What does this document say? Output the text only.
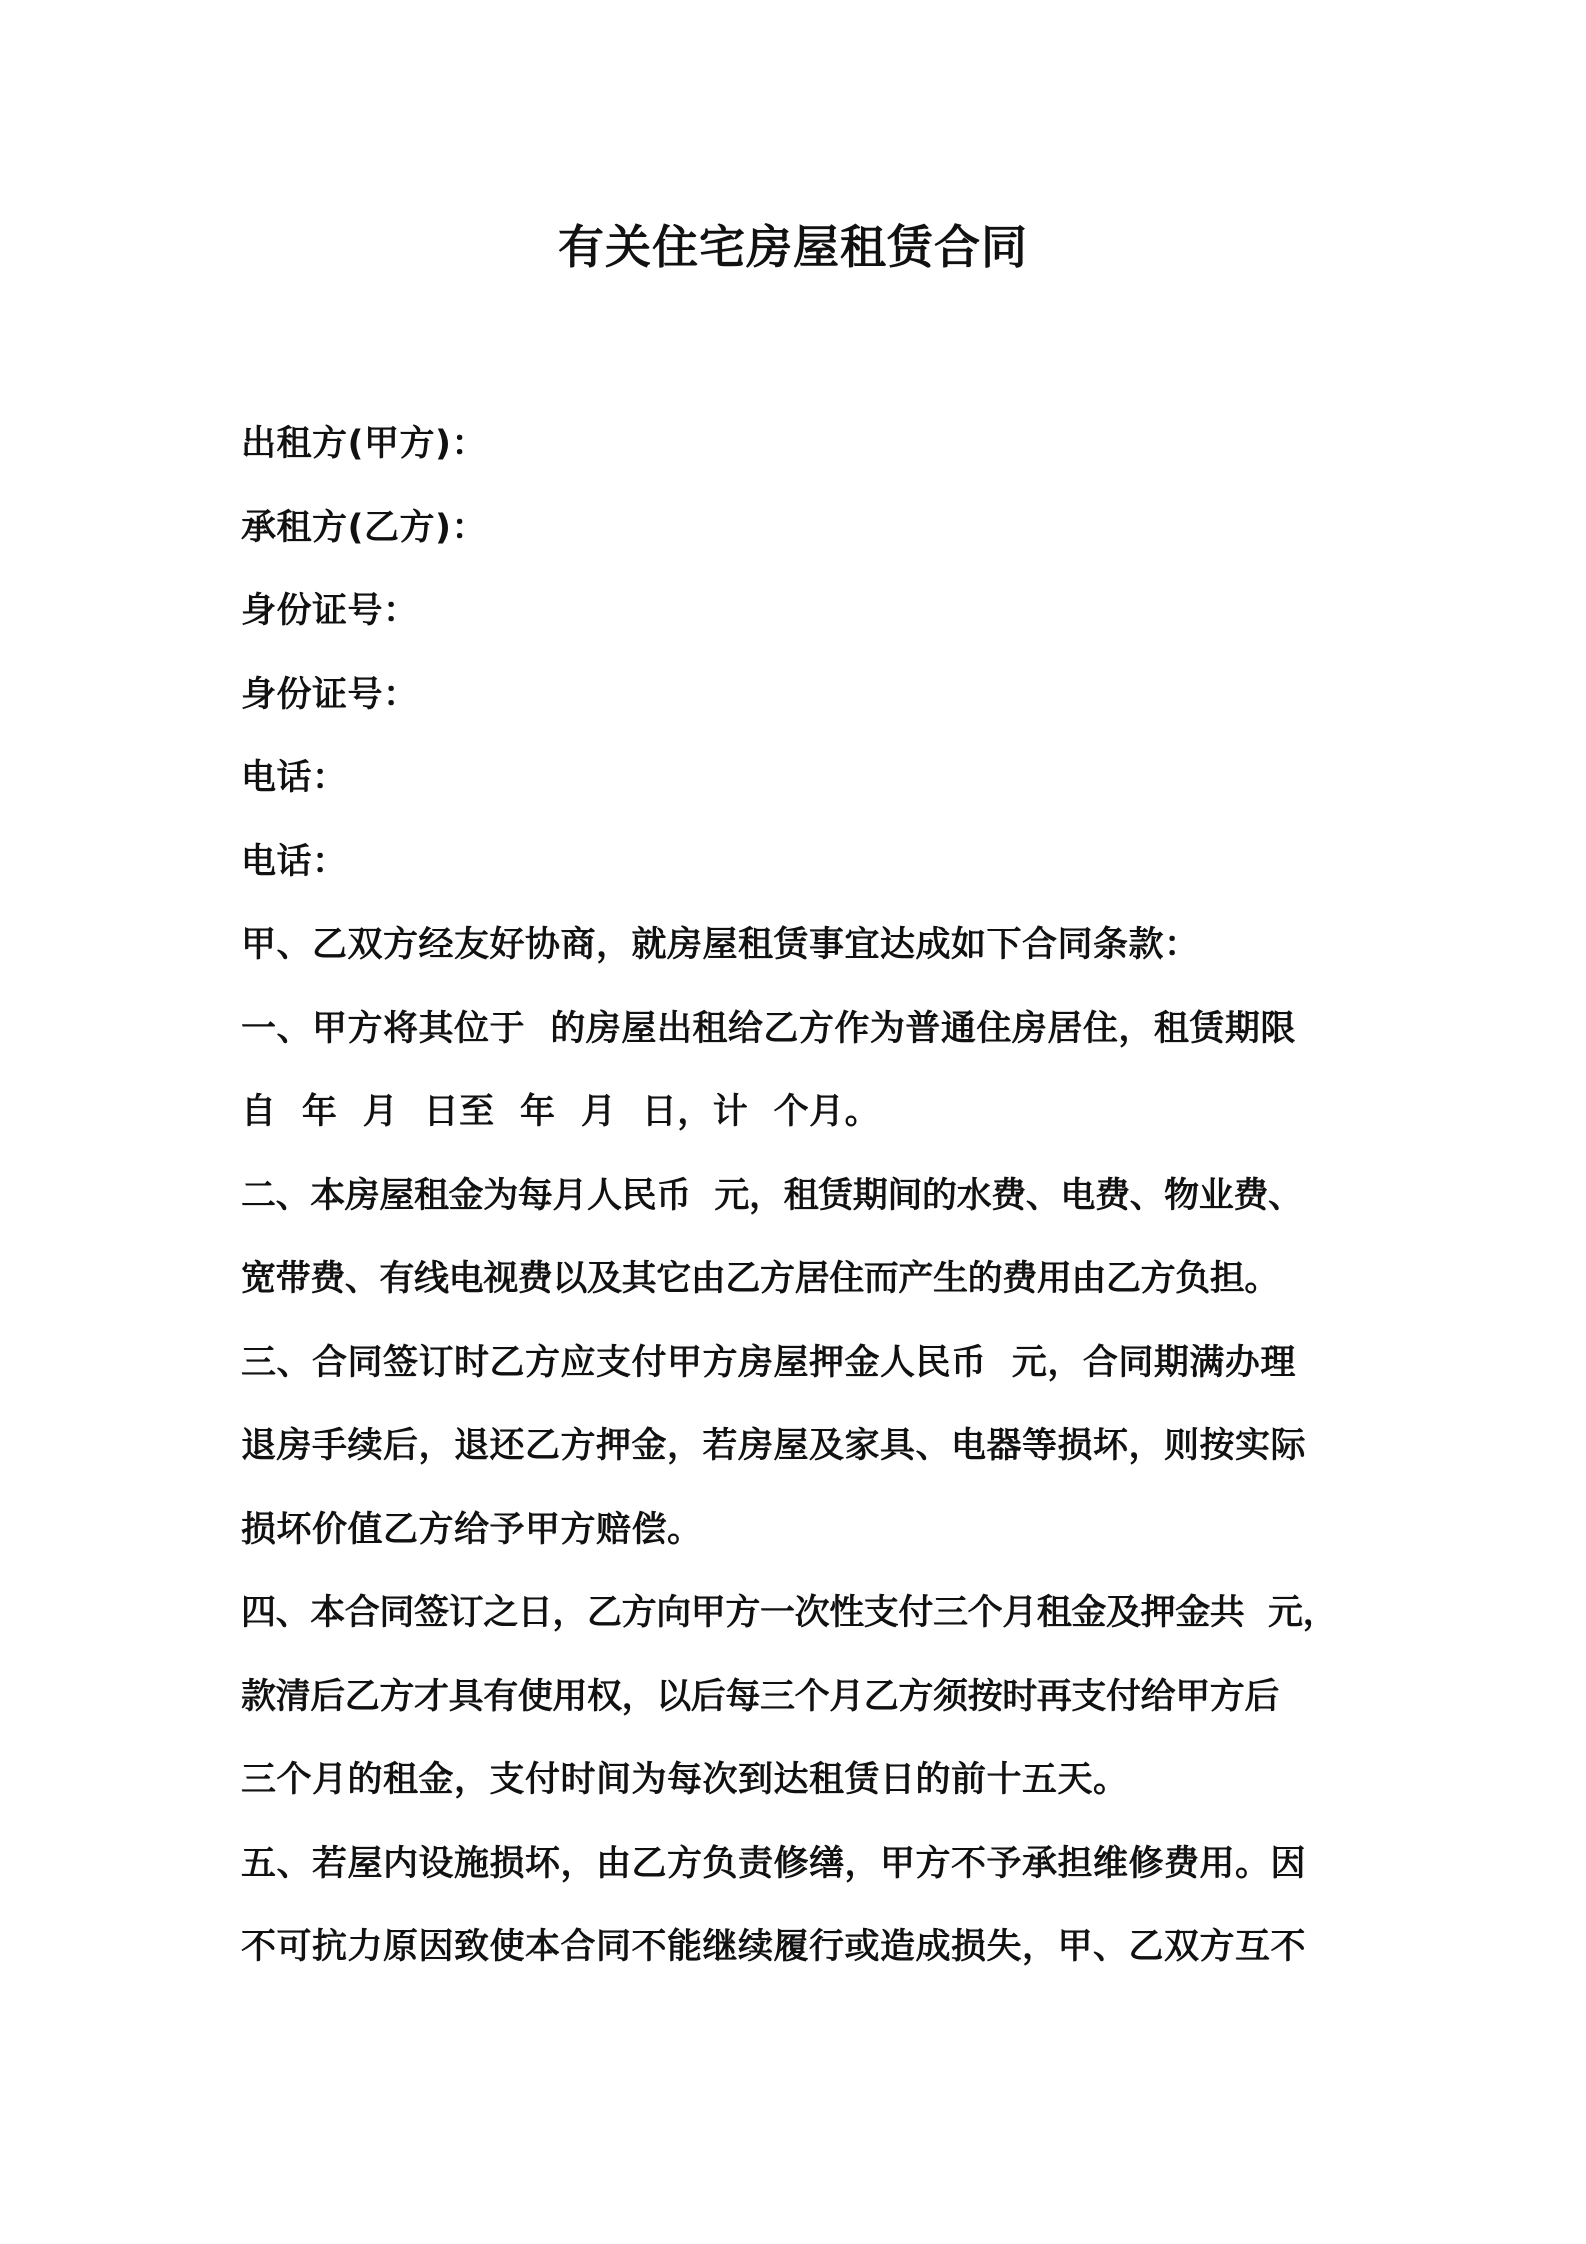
有关住宅房屋租赁合同
出租方(甲方)：
承租方(乙方)：
身份证号：
身份证号：
电话：
电话：
甲、乙双方经友好协商，就房屋租赁事宜达成如下合同条款：
一、甲方将其位于  的房屋出租给乙方作为普通住房居住，租赁期限
自  年  月  日至  年  月  日，计  个月。
二、本房屋租金为每月人民币  元，租赁期间的水费、电费、物业费、
宽带费、有线电视费以及其它由乙方居住而产生的费用由乙方负担。
三、合同签订时乙方应支付甲方房屋押金人民币  元，合同期满办理
退房手续后，退还乙方押金，若房屋及家具、电器等损坏，则按实际
损坏价值乙方给予甲方赔偿。
四、本合同签订之日，乙方向甲方一次性支付三个月租金及押金共  元，
款清后乙方才具有使用权，以后每三个月乙方须按时再支付给甲方后
三个月的租金，支付时间为每次到达租赁日的前十五天。
五、若屋内设施损坏，由乙方负责修缮，甲方不予承担维修费用。因
不可抗力原因致使本合同不能继续履行或造成损失，甲、乙双方互不
